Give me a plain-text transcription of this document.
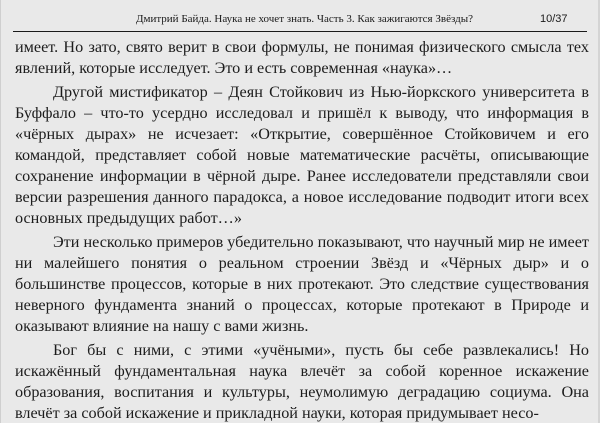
Дмитрий Байда. Наука не хочет знать. Часть 3. Как зажигаются Звёзды?	10/37

имеет. Но зато, свято верит в свои формулы, не понимая физического смысла тех явлений, которые исследует. Это и есть современная «наука»…

Другой мистификатор – Деян Стойкович из Нью-йоркского университета в Буффало – что-то усердно исследовал и пришёл к выводу, что информация в «чёрных дырах» не исчезает: «Открытие, совершённое Стойковичем и его командой, представляет собой новые математические расчёты, описывающие сохранение информации в чёрной дыре. Ранее исследователи представляли свои версии разрешения данного парадокса, а новое исследование подводит итоги всех основных предыдущих работ…»

Эти несколько примеров убедительно показывают, что научный мир не имеет ни малейшего понятия о реальном строении Звёзд и «Чёрных дыр» и о большинстве процессов, которые в них протекают. Это следствие существования неверного фундамента знаний о процессах, которые протекают в Природе и оказывают влияние на нашу с вами жизнь.

Бог бы с ними, с этими «учёными», пусть бы себе развлекались! Но искажённый фундаментальная наука влечёт за собой коренное искажение образования, воспитания и культуры, неумолимую деградацию социума. Она влечёт за собой искажение и прикладной науки, которая придумывает несо-
